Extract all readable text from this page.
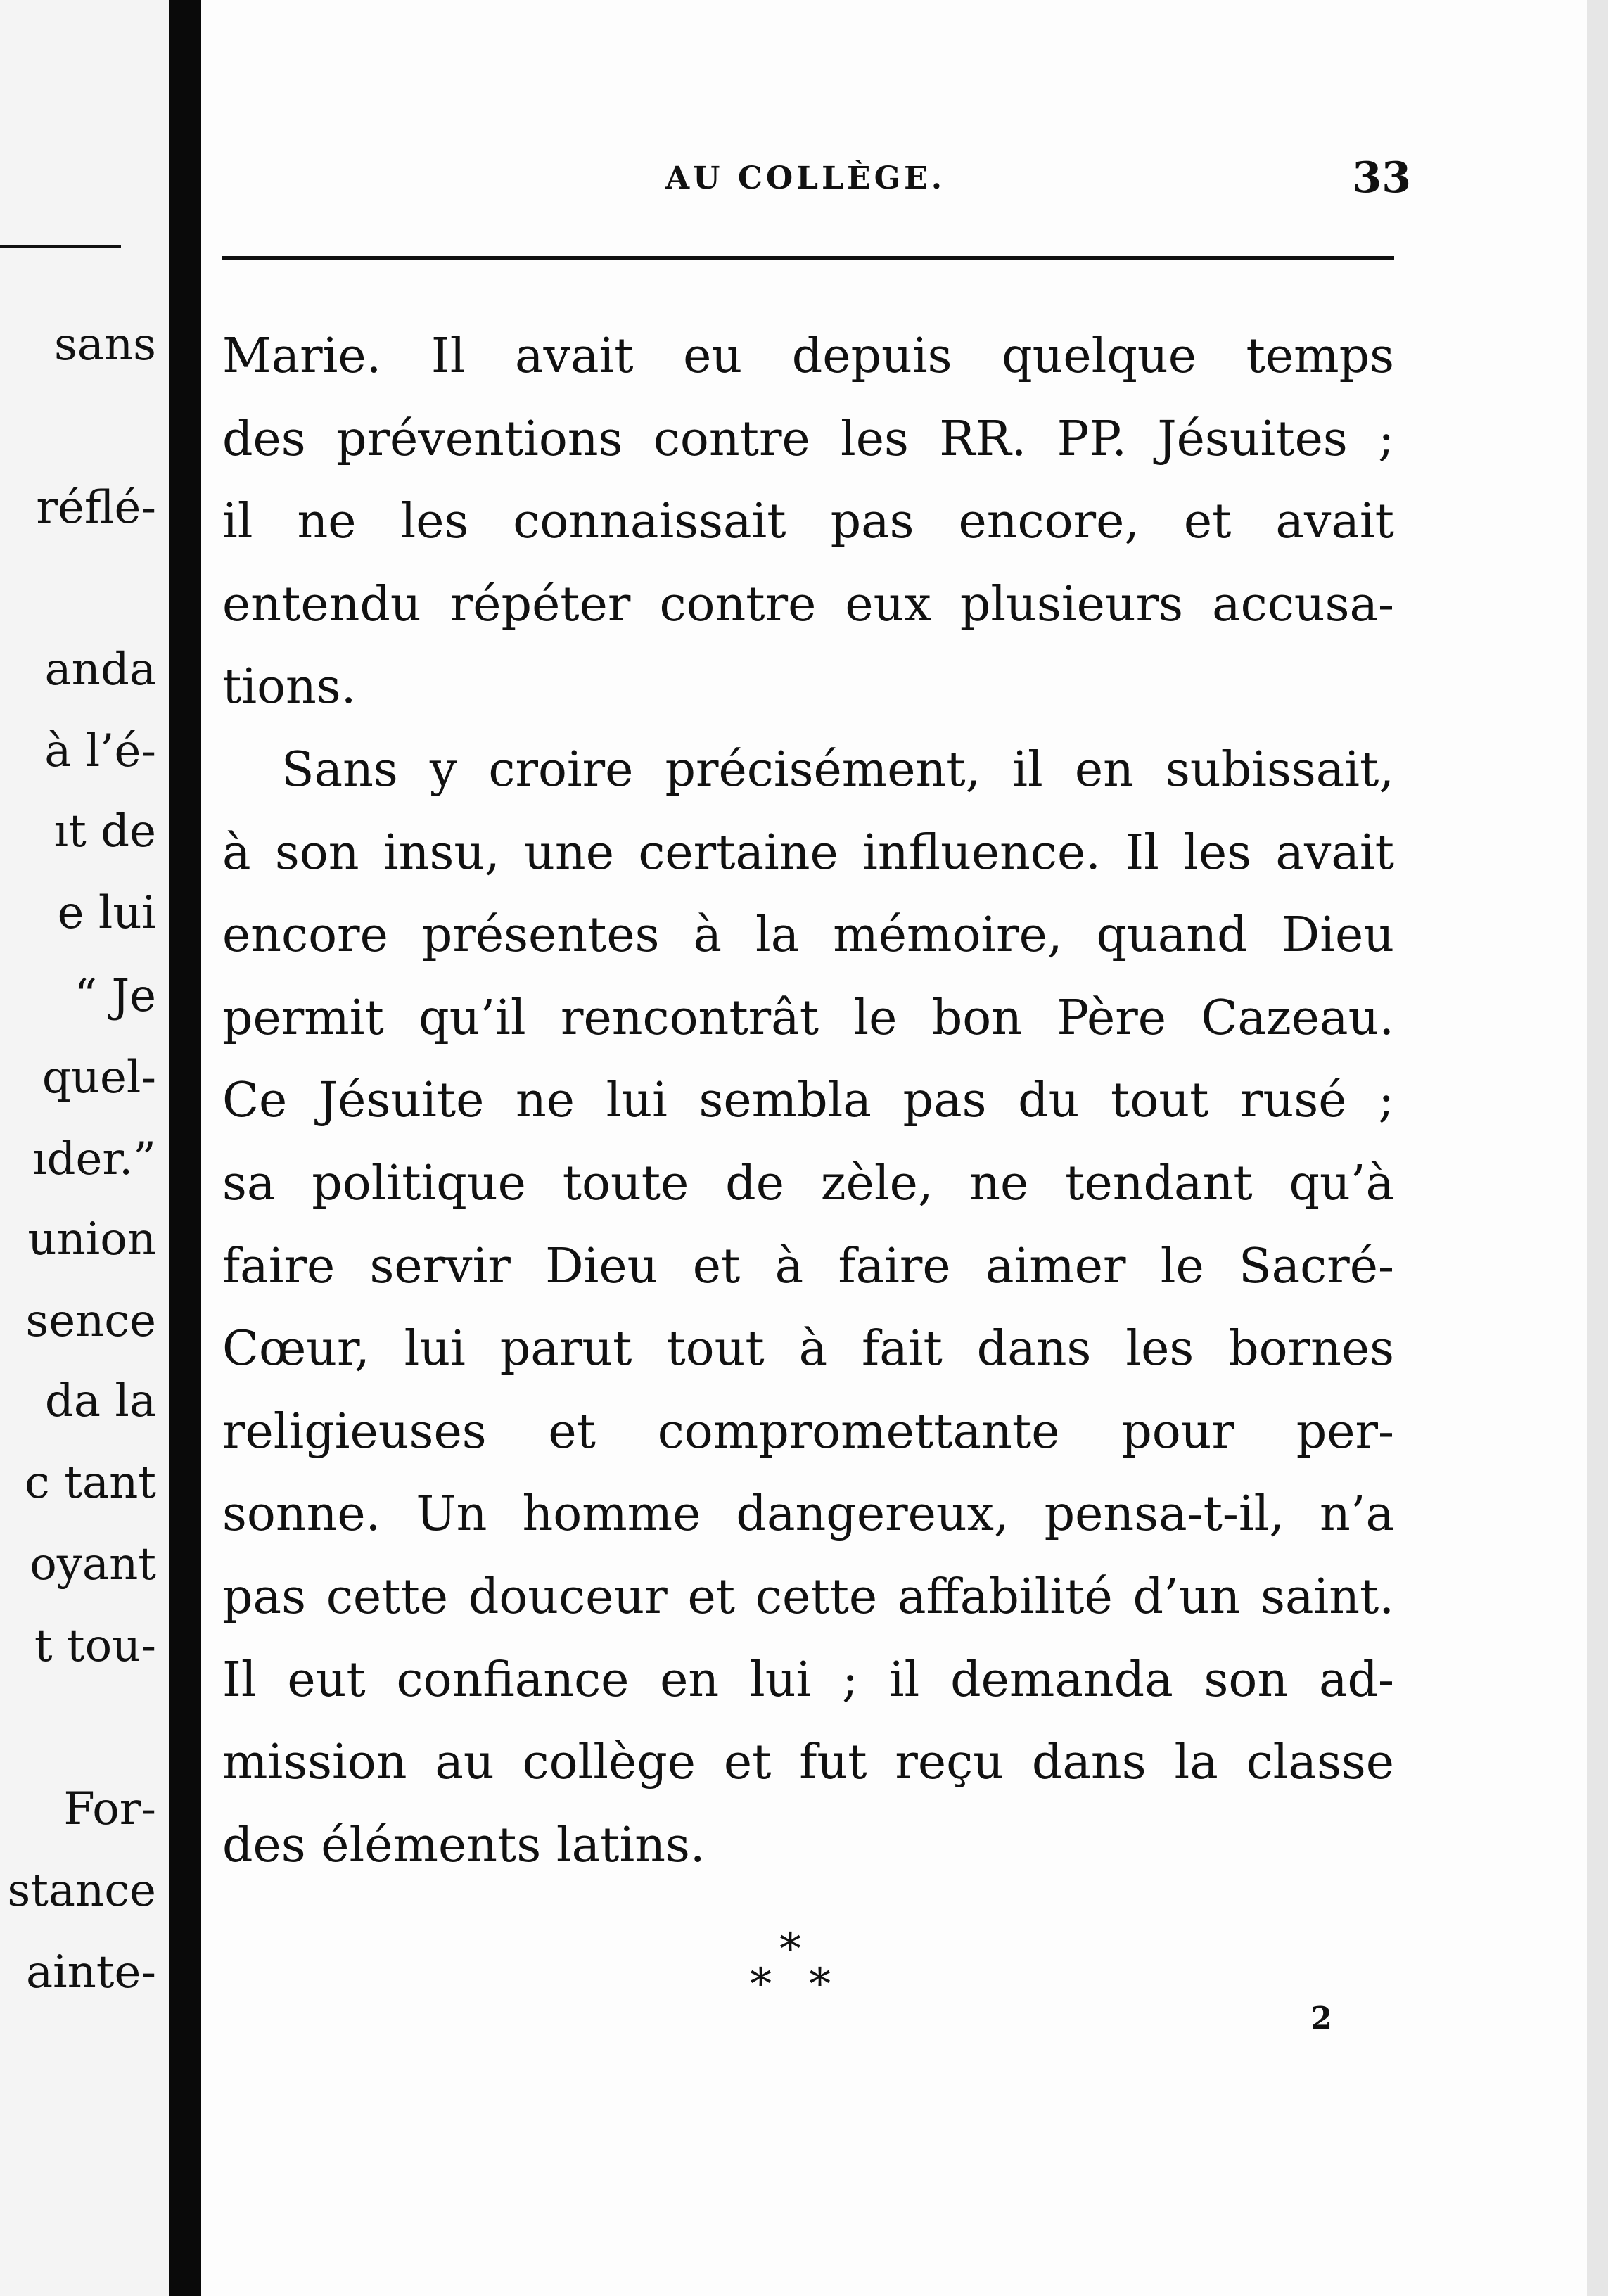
sans
réflé-
anda
à l’é-
ıt de
e lui
“ Je
quel-
ıder.”
union
sence
da la
c tant
oyant
t tou-
For-
stance
ainte-
AU COLLÈGE.	33
Marie. Il avait eu depuis quelque temps
des préventions contre les RR. PP. Jésuites ;
il ne les connaissait pas encore, et avait
entendu répéter contre eux plusieurs accusa-
tions.
Sans y croire précisément, il en subissait,
à son insu, une certaine influence. Il les avait
encore présentes à la mémoire, quand Dieu
permit qu’il rencontrât le bon Père Cazeau.
Ce Jésuite ne lui sembla pas du tout rusé ;
sa politique toute de zèle, ne tendant qu’à
faire servir Dieu et à faire aimer le Sacré-
Cœur, lui parut tout à fait dans les bornes
religieuses et compromettante pour per-
sonne. Un homme dangereux, pensa-t-il, n’a
pas cette douceur et cette affabilité d’un saint.
Il eut confiance en lui ; il demanda son ad-
mission au collège et fut reçu dans la classe
des éléments latins.
*
* *
2
